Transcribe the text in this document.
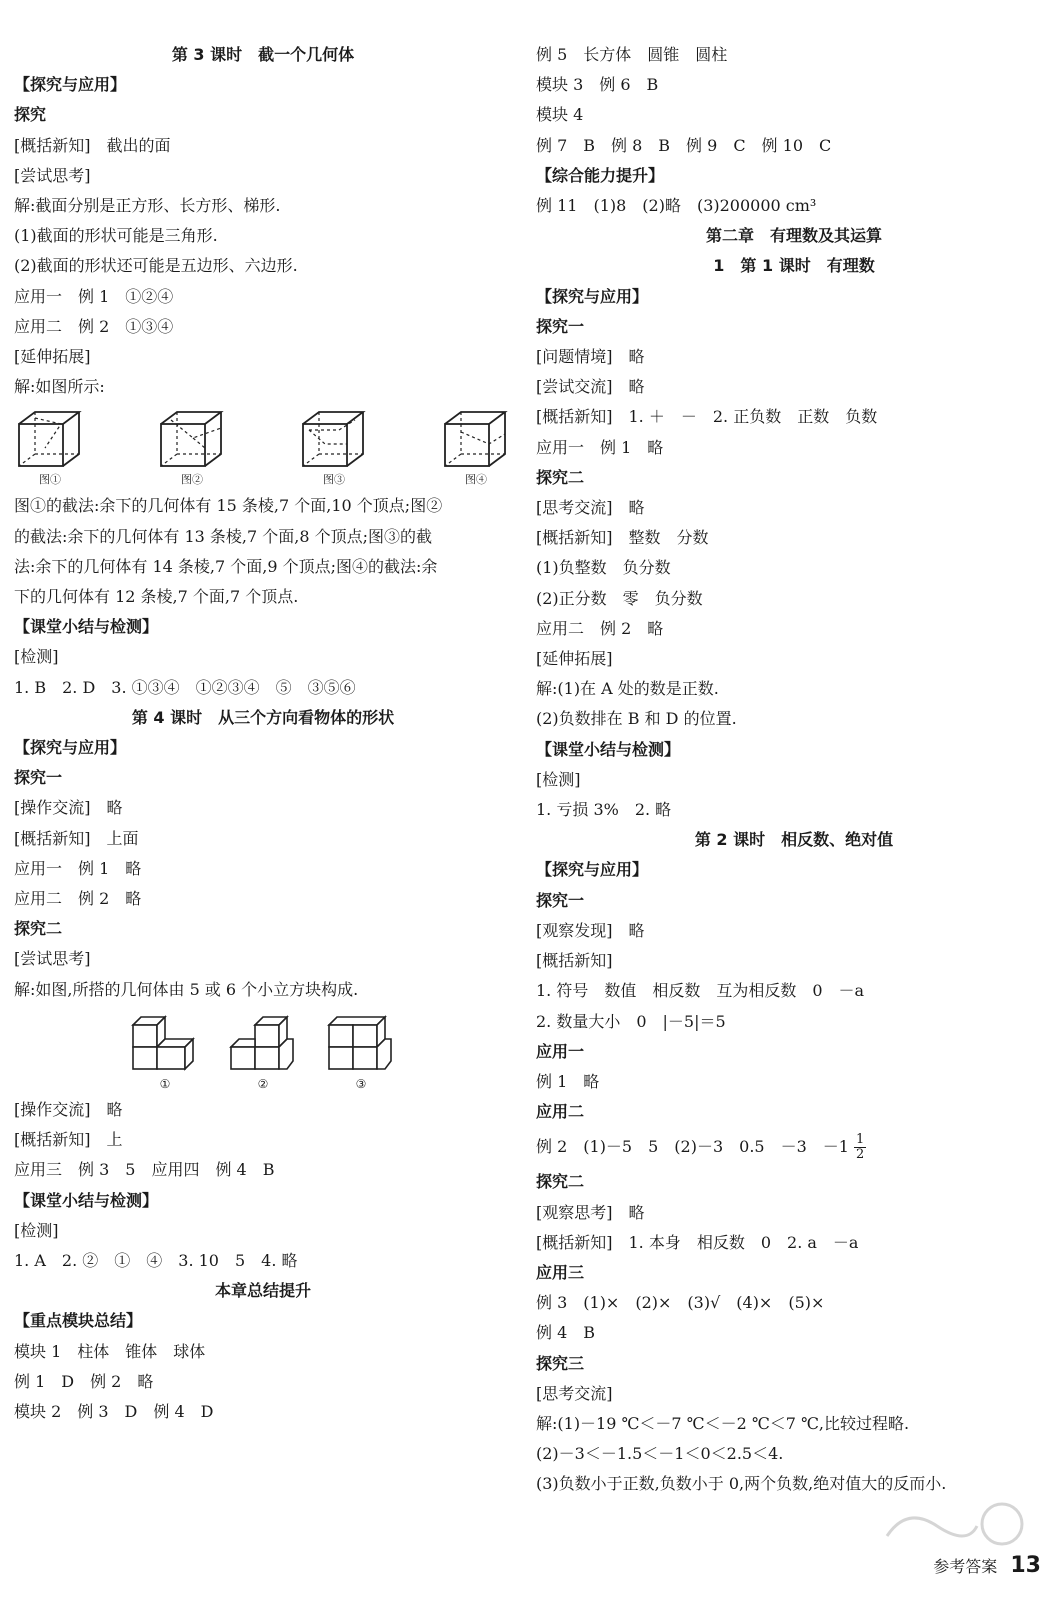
第 3 课时　截一个几何体
【探究与应用】
探究
[概括新知]　截出的面
[尝试思考]
解:截面分别是正方形、长方形、梯形.
(1)截面的形状可能是三角形.
(2)截面的形状还可能是五边形、六边形.
应用一　例 1　①②④
应用二　例 2　①③④
[延伸拓展]
解:如图所示:
图①	图②	图③	图④
图①的截法:余下的几何体有 15 条棱,7 个面,10 个顶点;图②
的截法:余下的几何体有 13 条棱,7 个面,8 个顶点;图③的截
法:余下的几何体有 14 条棱,7 个面,9 个顶点;图④的截法:余
下的几何体有 12 条棱,7 个面,7 个顶点.
【课堂小结与检测】
[检测]
1. B　2. D　3. ①③④　①②③④　⑤　③⑤⑥
第 4 课时　从三个方向看物体的形状
【探究与应用】
探究一
[操作交流]　略
[概括新知]　上面
应用一　例 1　略
应用二　例 2　略
探究二
[尝试思考]
解:如图,所搭的几何体由 5 或 6 个小立方块构成.
①	②	③
[操作交流]　略
[概括新知]　上
应用三　例 3　5　应用四　例 4　B
【课堂小结与检测】
[检测]
1. A　2. ②　①　④　3. 10　5　4. 略
本章总结提升
【重点模块总结】
模块 1　柱体　锥体　球体
例 1　D　例 2　略
模块 2　例 3　D　例 4　D
例 5　长方体　圆锥　圆柱
模块 3　例 6　B
模块 4
例 7　B　例 8　B　例 9　C　例 10　C
【综合能力提升】
例 11　(1)8　(2)略　(3)200000 cm³
第二章　有理数及其运算
1　第 1 课时　有理数
【探究与应用】
探究一
[问题情境]　略
[尝试交流]　略
[概括新知]　1. ＋　－　2. 正负数　正数　负数
应用一　例 1　略
探究二
[思考交流]　略
[概括新知]　整数　分数
(1)负整数　负分数
(2)正分数　零　负分数
应用二　例 2　略
[延伸拓展]
解:(1)在 A 处的数是正数.
(2)负数排在 B 和 D 的位置.
【课堂小结与检测】
[检测]
1. 亏损 3%　2. 略
第 2 课时　相反数、绝对值
【探究与应用】
探究一
[观察发现]　略
[概括新知]
1. 符号　数值　相反数　互为相反数　0　－a
2. 数量大小　0　|－5|＝5
应用一
例 1　略
应用二
例 2　(1)－5　5　(2)－3　0.5　－3　$-1 \frac{1}{2}$
探究二
[观察思考]　略
[概括新知]　1. 本身　相反数　0　2. a　－a
应用三
例 3　(1)×　(2)×　(3)√　(4)×　(5)×
例 4　B
探究三
[思考交流]
解:(1)－19 ℃＜－7 ℃＜－2 ℃＜7 ℃,比较过程略.
(2)－3＜－1.5＜－1＜0＜2.5＜4.
(3)负数小于正数,负数小于 0,两个负数,绝对值大的反而小.
参考答案 13
